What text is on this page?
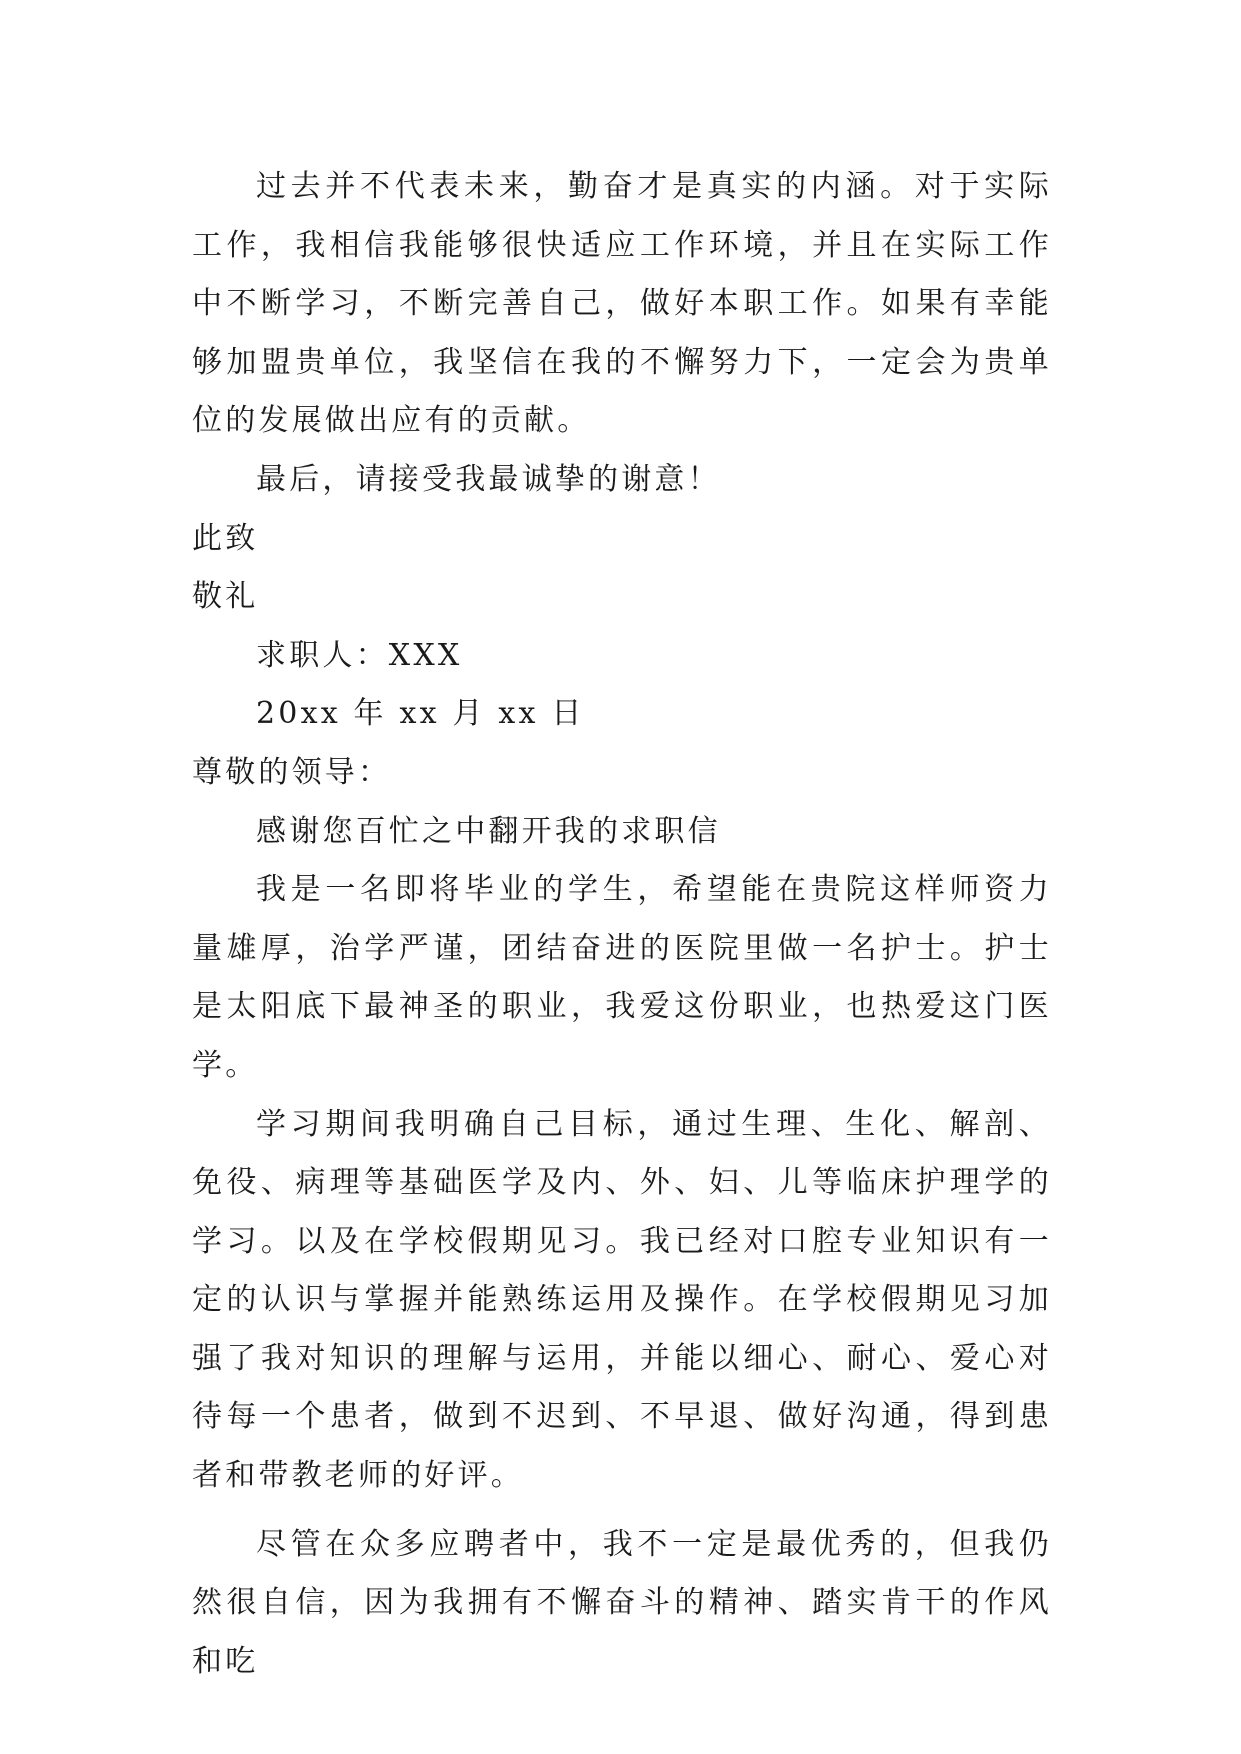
过去并不代表未来，勤奋才是真实的内涵。对于实际工作，我相信我能够很快适应工作环境，并且在实际工作中不断学习，不断完善自己，做好本职工作。如果有幸能够加盟贵单位，我坚信在我的不懈努力下，一定会为贵单位的发展做出应有的贡献。

最后，请接受我最诚挚的谢意！

此致

敬礼

求职人：XXX

20xx 年 xx 月 xx 日

尊敬的领导：

感谢您百忙之中翻开我的求职信

我是一名即将毕业的学生，希望能在贵院这样师资力量雄厚，治学严谨，团结奋进的医院里做一名护士。护士是太阳底下最神圣的职业，我爱这份职业，也热爱这门医学。

学习期间我明确自己目标，通过生理、生化、解剖、免役、病理等基础医学及内、外、妇、儿等临床护理学的学习。以及在学校假期见习。我已经对口腔专业知识有一定的认识与掌握并能熟练运用及操作。在学校假期见习加强了我对知识的理解与运用，并能以细心、耐心、爱心对待每一个患者，做到不迟到、不早退、做好沟通，得到患者和带教老师的好评。

尽管在众多应聘者中，我不一定是最优秀的，但我仍然很自信，因为我拥有不懈奋斗的精神、踏实肯干的作风和吃
